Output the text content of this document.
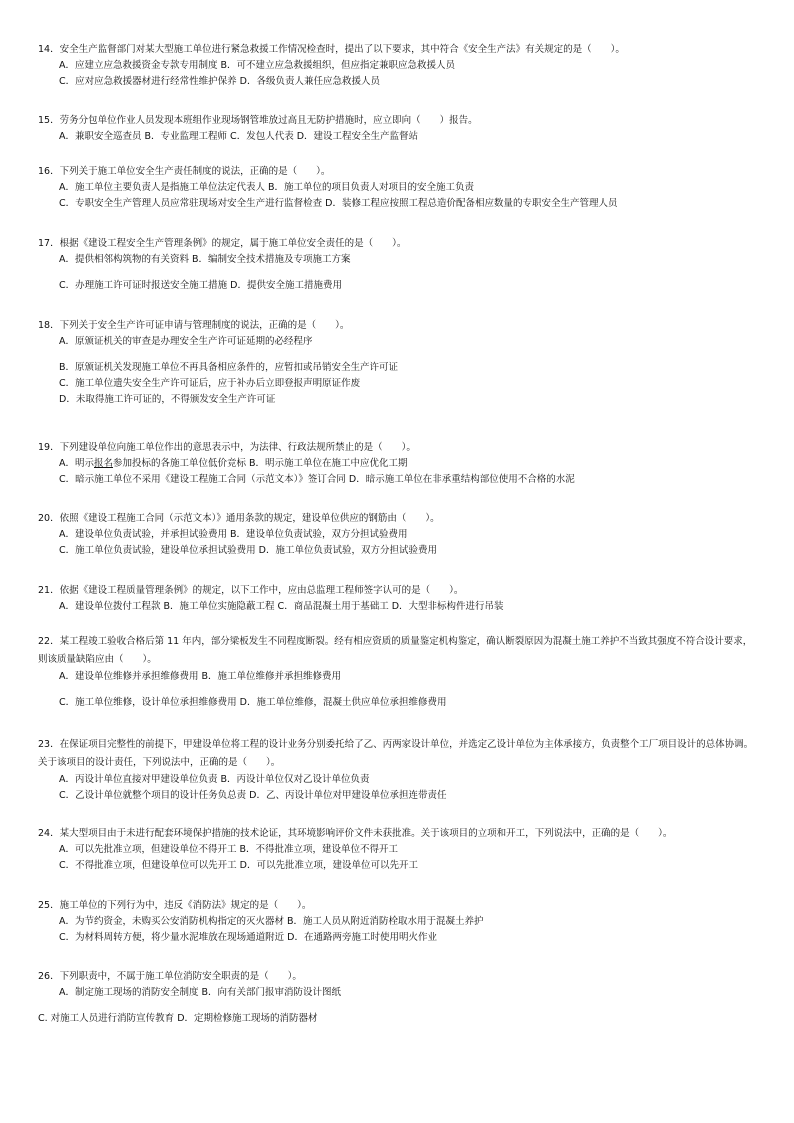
14．安全生产监督部门对某大型施工单位进行紧急救援工作情况检查时，提出了以下要求，其中符合《安全生产法》有关规定的是（　　）。
A．应建立应急救援资金专款专用制度 B．可不建立应急救援组织，但应指定兼职应急救援人员
C．应对应急救援器材进行经常性维护保养 D．各级负责人兼任应急救援人员
15．劳务分包单位作业人员发现本班组作业现场钢管堆放过高且无防护措施时，应立即向（　　）报告。
A．兼职安全巡查员 B．专业监理工程师 C．发包人代表 D．建设工程安全生产监督站
16．下列关于施工单位安全生产责任制度的说法，正确的是（　　）。
A．施工单位主要负责人是指施工单位法定代表人 B．施工单位的项目负责人对项目的安全施工负责
C．专职安全生产管理人员应常驻现场对安全生产进行监督检查 D．装修工程应按照工程总造价配备相应数量的专职安全生产管理人员
17．根据《建设工程安全生产管理条例》的规定，属于施工单位安全责任的是（　　）。
A．提供相邻构筑物的有关资料 B．编制安全技术措施及专项施工方案
C．办理施工许可证时报送安全施工措施 D．提供安全施工措施费用
18．下列关于安全生产许可证申请与管理制度的说法，正确的是（　　）。
A．原颁证机关的审查是办理安全生产许可证延期的必经程序
B．原颁证机关发现施工单位不再具备相应条件的，应暂扣或吊销安全生产许可证
C．施工单位遗失安全生产许可证后，应于补办后立即登报声明原证作废
D．未取得施工许可证的，不得颁发安全生产许可证
19．下列建设单位向施工单位作出的意思表示中，为法律、行政法规所禁止的是（　　）。
A．明示报名参加投标的各施工单位低价竞标 B．明示施工单位在施工中应优化工期
C．暗示施工单位不采用《建设工程施工合同（示范文本）》签订合同 D．暗示施工单位在非承重结构部位使用不合格的水泥
20．依照《建设工程施工合同（示范文本）》通用条款的规定，建设单位供应的钢筋由（　　）。
A．建设单位负责试验，并承担试验费用 B．建设单位负责试验，双方分担试验费用
C．施工单位负责试验，建设单位承担试验费用 D．施工单位负责试验，双方分担试验费用
21．依据《建设工程质量管理条例》的规定，以下工作中，应由总监理工程师签字认可的是（　　）。
A．建设单位拨付工程款 B．施工单位实施隐蔽工程 C．商品混凝土用于基础工 D．大型非标构件进行吊装
22．某工程竣工验收合格后第 11 年内，部分梁板发生不同程度断裂。经有相应资质的质量鉴定机构鉴定，确认断裂原因为混凝土施工养护不当致其强度不符合设计要求，则该质量缺陷应由（　　）。
A．建设单位维修并承担维修费用 B．施工单位维修并承担维修费用
C．施工单位维修，设计单位承担维修费用 D．施工单位维修，混凝土供应单位承担维修费用
23．在保证项目完整性的前提下，甲建设单位将工程的设计业务分别委托给了乙、丙两家设计单位，并选定乙设计单位为主体承接方，负责整个工厂项目设计的总体协调。关于该项目的设计责任，下列说法中，正确的是（　　）。
A．丙设计单位直接对甲建设单位负责 B．丙设计单位仅对乙设计单位负责
C．乙设计单位就整个项目的设计任务负总责 D．乙、丙设计单位对甲建设单位承担连带责任
24．某大型项目由于未进行配套环境保护措施的技术论证，其环境影响评价文件未获批准。关于该项目的立项和开工，下列说法中，正确的是（　　）。
A．可以先批准立项，但建设单位不得开工 B．不得批准立项，建设单位不得开工
C．不得批准立项，但建设单位可以先开工 D．可以先批准立项，建设单位可以先开工
25．施工单位的下列行为中，违反《消防法》规定的是（　　）。
A．为节约资金，未购买公安消防机构指定的灭火器材 B．施工人员从附近消防栓取水用于混凝土养护
C．为材料周转方便，将少量水泥堆放在现场通道附近 D．在通路两旁施工时使用明火作业
26．下列职责中，不属于施工单位消防安全职责的是（　　）。
A．制定施工现场的消防安全制度 B．向有关部门报审消防设计图纸
C. 对施工人员进行消防宣传教育 D．定期检修施工现场的消防器材
